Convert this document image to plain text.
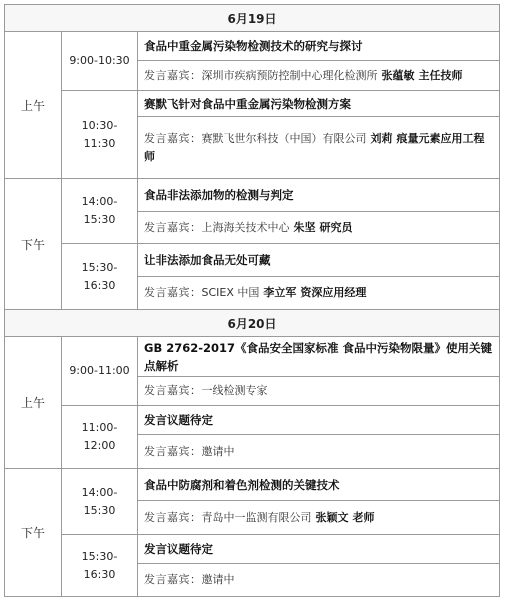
6月19日		
上午	9:00-10:30	食品中重金属污染物检测技术的研究与探讨
		发言嘉宾：深圳市疾病预防控制中心理化检测所 张蕴敏 主任技师
	10:30-11:30	赛默飞针对食品中重金属污染物检测方案
		发言嘉宾：赛默飞世尔科技（中国）有限公司 刘莉 痕量元素应用工程师
下午	14:00-15:30	食品非法添加物的检测与判定
		发言嘉宾：上海海关技术中心 朱坚 研究员
	15:30-16:30	让非法添加食品无处可藏
		发言嘉宾：SCIEX 中国 李立军 资深应用经理
6月20日		
上午	9:00-11:00	GB 2762-2017《食品安全国家标准 食品中污染物限量》使用关键点解析
		发言嘉宾：一线检测专家
	11:00-12:00	发言议题待定
		发言嘉宾：邀请中
下午	14:00-15:30	食品中防腐剂和着色剂检测的关键技术
		发言嘉宾：青岛中一监测有限公司 张颖文 老师
	15:30-16:30	发言议题待定
		发言嘉宾：邀请中
